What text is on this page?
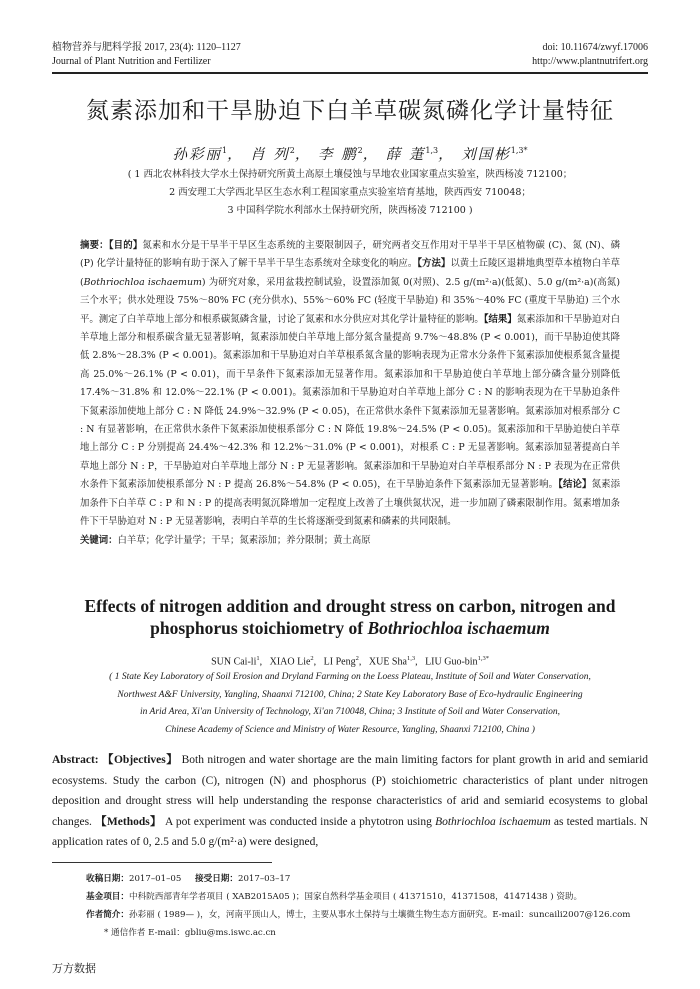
植物营养与肥料学报 2017, 23(4): 1120–1127	doi: 10.11674/zwyf.17006
Journal of Plant Nutrition and Fertilizer	http://www.plantnutrifert.org
氮素添加和干旱胁迫下白羊草碳氮磷化学计量特征
孙彩丽$^1$， 肖 列$^2$， 李 鹏$^2$， 薛 萐$^{1,3}$， 刘国彬$^{1,3*}$
( 1 西北农林科技大学水土保持研究所黄土高原土壤侵蚀与旱地农业国家重点实验室，陕西杨凌 712100；
2 西安理工大学西北旱区生态水利工程国家重点实验室培育基地，陕西西安 710048；
3 中国科学院水利部水土保持研究所，陕西杨凌 712100 )

摘要：【目的】氮素和水分是干旱半干旱区生态系统的主要限制因子，研究两者交互作用对干旱半干旱区植物碳 (C)、氮 (N)、磷 (P) 化学计量特征的影响有助于深入了解干旱半干旱生态系统对全球变化的响应。【方法】以黄土丘陵区退耕地典型草本植物白羊草 (Bothriochloa ischaemum) 为研究对象，采用盆栽控制试验，设置添加氮 0(对照)、2.5 g/(m²·a)(低氮)、5.0 g/(m²·a)(高氮) 三个水平；供水处理设 75%～80% FC (充分供水)、55%～60% FC (轻度干旱胁迫) 和 35%～40% FC (重度干旱胁迫) 三个水平。测定了白羊草地上部分和根系碳氮磷含量，讨论了氮素和水分供应对其化学计量特征的影响。【结果】氮素添加和干旱胁迫对白羊草地上部分和根系碳含量无显著影响，氮素添加使白羊草地上部分氮含量提高 9.7%～48.8% (P < 0.001)，而干旱胁迫使其降低 2.8%～28.3% (P < 0.001)。氮素添加和干旱胁迫对白羊草根系氮含量的影响表现为正常水分条件下氮素添加使根系氮含量提高 25.0%～26.1% (P < 0.01)，而干旱条件下氮素添加无显著作用。氮素添加和干旱胁迫使白羊草地上部分磷含量分别降低 17.4%～31.8% 和 12.0%～22.1% (P < 0.001)。氮素添加和干旱胁迫对白羊草地上部分 C : N 的影响表现为在干旱胁迫条件下氮素添加使地上部分 C : N 降低 24.9%～32.9% (P < 0.05)，在正常供水条件下氮素添加无显著影响。氮素添加对根系部分 C : N 有显著影响，在正常供水条件下氮素添加使根系部分 C : N 降低 19.8%～24.5% (P < 0.05)。氮素添加和干旱胁迫使白羊草地上部分 C : P 分别提高 24.4%～42.3% 和 12.2%～31.0% (P < 0.001)，对根系 C : P 无显著影响。氮素添加显著提高白羊草地上部分 N : P，干旱胁迫对白羊草地上部分 N : P 无显著影响。氮素添加和干旱胁迫对白羊草根系部分 N : P 表现为在正常供水条件下氮素添加使根系部分 N : P 提高 26.8%～54.8% (P < 0.05)，在干旱胁迫条件下氮素添加无显著影响。【结论】氮素添加条件下白羊草 C : P 和 N : P 的提高表明氮沉降增加一定程度上改善了土壤供氮状况，进一步加剧了磷素限制作用。氮素增加条件下干旱胁迫对 N : P 无显著影响，表明白羊草的生长将逐渐受到氮素和磷素的共同限制。

关键词：白羊草；化学计量学；干旱；氮素添加；养分限制；黄土高原

Effects of nitrogen addition and drought stress on carbon, nitrogen and
phosphorus stoichiometry of Bothriochloa ischaemum
SUN Cai-$li^1$,   XIAO Lie$^2$,   LI Peng$^2$,   XUE Sha$^{1,3}$,   LIU Guo-bin$^{1,3*}$
( 1 State Key Laboratory of Soil Erosion and Dryland Farming on the Loess Plateau, Institute of Soil and Water Conservation,
Northwest A&F University, Yangling, Shaanxi 712100, China; 2 State Key Laboratory Base of Eco-hydraulic Engineering
in Arid Area, Xi'an University of Technology, Xi'an 710048, China; 3 Institute of Soil and Water Conservation,
Chinese Academy of Science and Ministry of Water Resource, Yangling, Shaanxi 712100, China )

Abstract: 【Objectives】 Both nitrogen and water shortage are the main limiting factors for plant growth in arid and semiarid ecosystems. Study the carbon (C), nitrogen (N) and phosphorus (P) stoichiometric characteristics of plant under nitrogen deposition and drought stress will help understanding the response characteristics of arid and semiarid ecosystems to global changes. 【Methods】 A pot experiment was conducted inside a phytotron using Bothriochloa ischaemum as tested martials. N application rates of 0, 2.5 and 5.0 g/(m²·a) were designed,

收稿日期：2017–01–05 接受日期：2017–03–17

基金项目：中科院西部青年学者项目 ( XAB2015A05 )；国家自然科学基金项目 ( 41371510，41371508，41471438 ) 资助。

作者简介：孙彩丽 ( 1989— )，女，河南平顶山人，博士，主要从事水土保持与土壤微生物生态方面研究。E-mail：suncaili2007@126.com

* 通信作者 E-mail：gbliu@ms.iswc.ac.cn

万方数据
